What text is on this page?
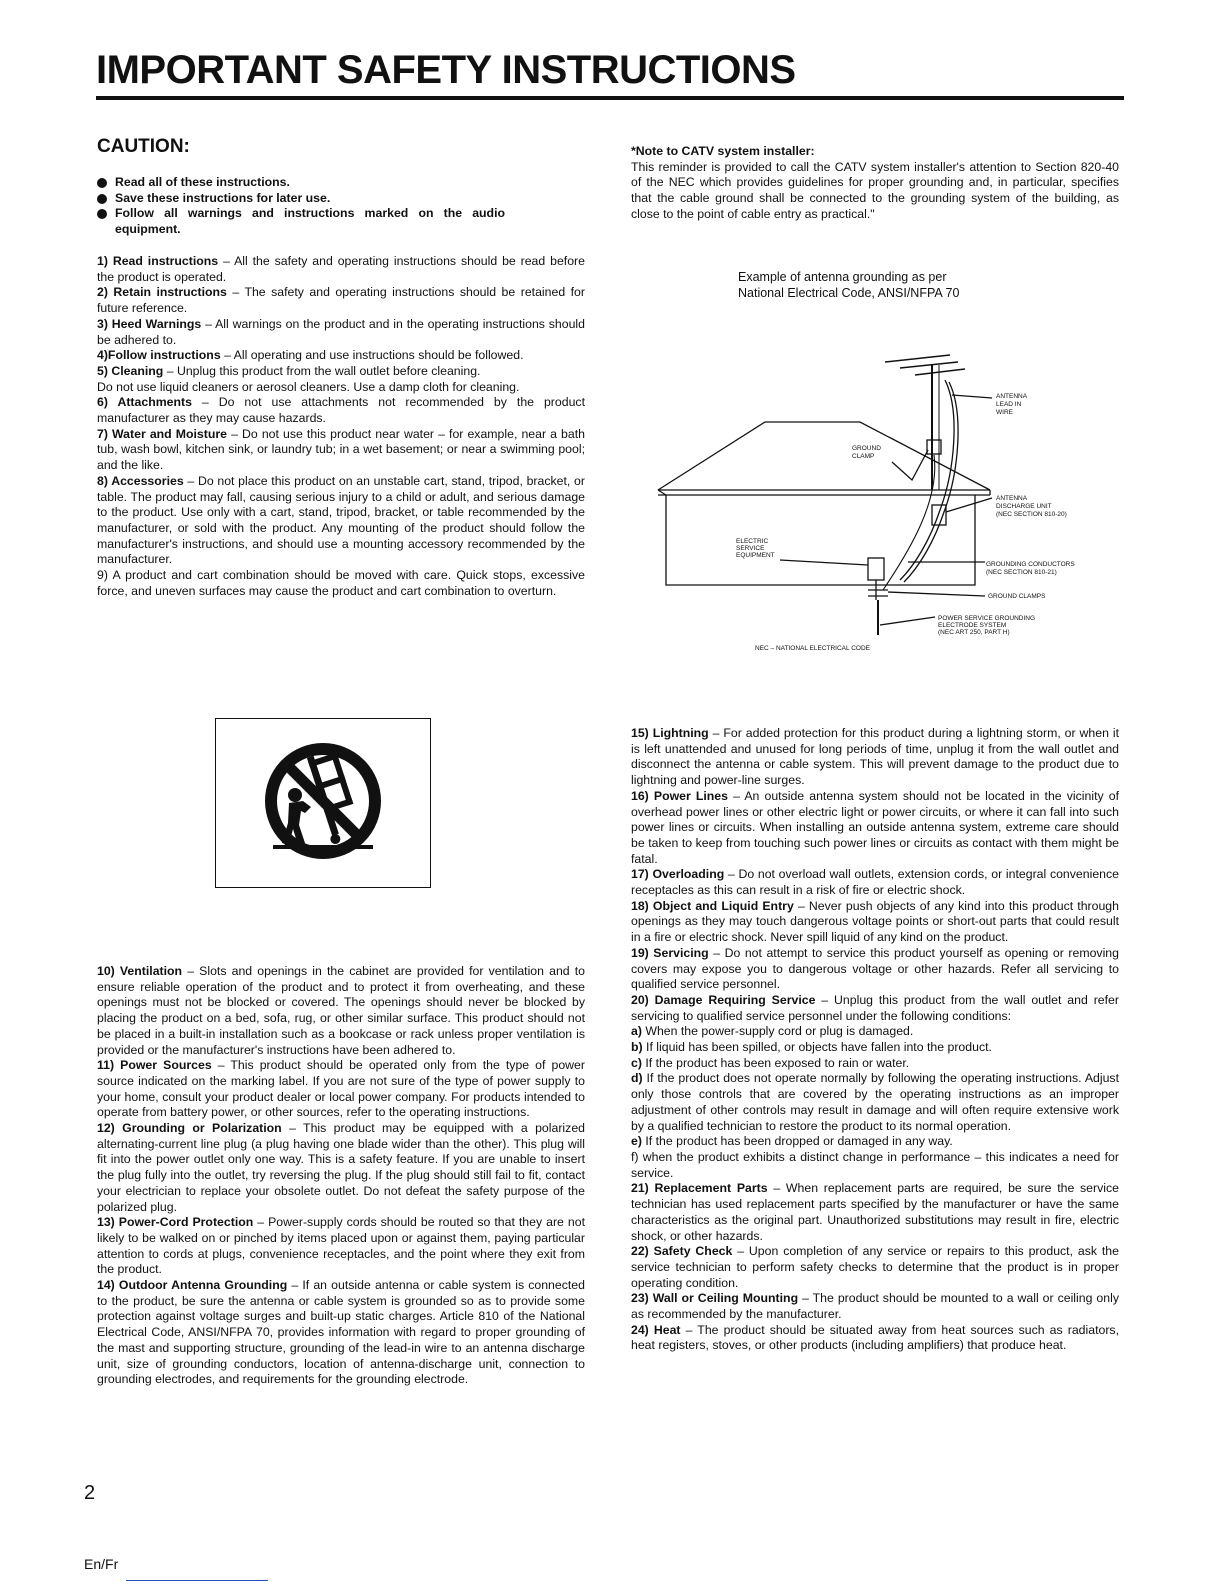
IMPORTANT SAFETY INSTRUCTIONS
CAUTION:
Read all of these instructions.
Save these instructions for later use.
Follow all warnings and instructions marked on the audio equipment.

1) Read instructions – All the safety and operating instructions should be read before the product is operated.

2) Retain instructions – The safety and operating instructions should be retained for future reference.

3) Heed Warnings – All warnings on the product and in the operating instructions should be adhered to.

4)Follow instructions – All operating and use instructions should be followed.

5) Cleaning – Unplug this product from the wall outlet before cleaning.

Do not use liquid cleaners or aerosol cleaners. Use a damp cloth for cleaning.

6) Attachments – Do not use attachments not recommended by the product manufacturer as they may cause hazards.

7) Water and Moisture – Do not use this product near water – for example, near a bath tub, wash bowl, kitchen sink, or laundry tub; in a wet basement; or near a swimming pool; and the like.

8) Accessories – Do not place this product on an unstable cart, stand, tripod, bracket, or table. The product may fall, causing serious injury to a child or adult, and serious damage to the product. Use only with a cart, stand, tripod, bracket, or table recommended by the manufacturer, or sold with the product. Any mounting of the product should follow the manufacturer's instructions, and should use a mounting accessory recommended by the manufacturer.

9) A product and cart combination should be moved with care. Quick stops, excessive force, and uneven surfaces may cause the product and cart combination to overturn.

*Note to CATV system installer:

This reminder is provided to call the CATV system installer's attention to Section 820-40 of the NEC which provides guidelines for proper grounding and, in particular, specifies that the cable ground shall be connected to the grounding system of the building, as close to the point of cable entry as practical."

Example of antenna grounding as per
National Electrical Code, ANSI/NFPA 70
ANTENNA
LEAD IN
WIRE
GROUND
CLAMP
ANTENNA
DISCHARGE UNIT
(NEC SECTION 810-20)
ELECTRIC
SERVICE
EQUIPMENT
GROUNDING CONDUCTORS
(NEC SECTION 810-21)
GROUND CLAMPS
POWER SERVICE GROUNDING
ELECTRODE SYSTEM
(NEC ART 250, PART H)
NEC – NATIONAL ELECTRICAL CODE

10) Ventilation – Slots and openings in the cabinet are provided for ventilation and to ensure reliable operation of the product and to protect it from overheating, and these openings must not be blocked or covered. The openings should never be blocked by placing the product on a bed, sofa, rug, or other similar surface. This product should not be placed in a built-in installation such as a bookcase or rack unless proper ventilation is provided or the manufacturer's instructions have been adhered to.

11) Power Sources – This product should be operated only from the type of power source indicated on the marking label. If you are not sure of the type of power supply to your home, consult your product dealer or local power company. For products intended to operate from battery power, or other sources, refer to the operating instructions.

12) Grounding or Polarization – This product may be equipped with a polarized alternating-current line plug (a plug having one blade wider than the other). This plug will fit into the power outlet only one way. This is a safety feature. If you are unable to insert the plug fully into the outlet, try reversing the plug. If the plug should still fail to fit, contact your electrician to replace your obsolete outlet. Do not defeat the safety purpose of the polarized plug.

13) Power-Cord Protection – Power-supply cords should be routed so that they are not likely to be walked on or pinched by items placed upon or against them, paying particular attention to cords at plugs, convenience receptacles, and the point where they exit from the product.

14) Outdoor Antenna Grounding – If an outside antenna or cable system is connected to the product, be sure the antenna or cable system is grounded so as to provide some protection against voltage surges and built-up static charges. Article 810 of the National Electrical Code, ANSI/NFPA 70, provides information with regard to proper grounding of the mast and supporting structure, grounding of the lead-in wire to an antenna discharge unit, size of grounding conductors, location of antenna-discharge unit, connection to grounding electrodes, and requirements for the grounding electrode.

15) Lightning – For added protection for this product during a lightning storm, or when it is left unattended and unused for long periods of time, unplug it from the wall outlet and disconnect the antenna or cable system. This will prevent damage to the product due to lightning and power-line surges.

16) Power Lines – An outside antenna system should not be located in the vicinity of overhead power lines or other electric light or power circuits, or where it can fall into such power lines or circuits. When installing an outside antenna system, extreme care should be taken to keep from touching such power lines or circuits as contact with them might be fatal.

17) Overloading – Do not overload wall outlets, extension cords, or integral convenience receptacles as this can result in a risk of fire or electric shock.

18) Object and Liquid Entry – Never push objects of any kind into this product through openings as they may touch dangerous voltage points or short-out parts that could result in a fire or electric shock. Never spill liquid of any kind on the product.

19) Servicing – Do not attempt to service this product yourself as opening or removing covers may expose you to dangerous voltage or other hazards. Refer all servicing to qualified service personnel.

20) Damage Requiring Service – Unplug this product from the wall outlet and refer servicing to qualified service personnel under the following conditions:

a) When the power-supply cord or plug is damaged.

b) If liquid has been spilled, or objects have fallen into the product.

c) If the product has been exposed to rain or water.

d) If the product does not operate normally by following the operating instructions. Adjust only those controls that are covered by the operating instructions as an improper adjustment of other controls may result in damage and will often require extensive work by a qualified technician to restore the product to its normal operation.

e) If the product has been dropped or damaged in any way.

f) when the product exhibits a distinct change in performance – this indicates a need for service.

21) Replacement Parts – When replacement parts are required, be sure the service technician has used replacement parts specified by the manufacturer or have the same characteristics as the original part. Unauthorized substitutions may result in fire, electric shock, or other hazards.

22) Safety Check – Upon completion of any service or repairs to this product, ask the service technician to perform safety checks to determine that the product is in proper operating condition.

23) Wall or Ceiling Mounting – The product should be mounted to a wall or ceiling only as recommended by the manufacturer.

24) Heat – The product should be situated away from heat sources such as radiators, heat registers, stoves, or other products (including amplifiers) that produce heat.

2
En/Fr
